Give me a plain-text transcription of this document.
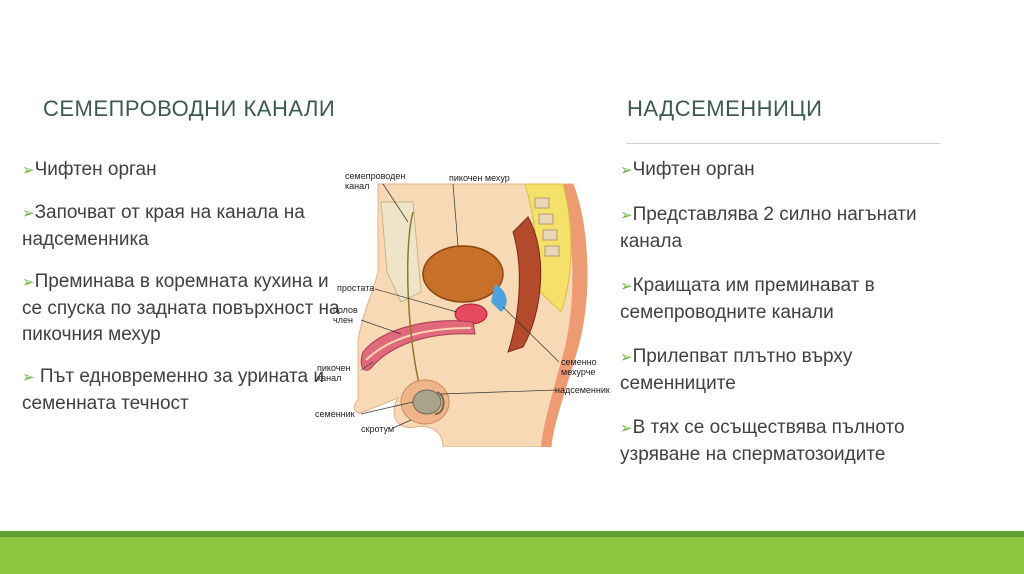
СЕМЕПРОВОДНИ КАНАЛИ	НАДСЕМЕННИЦИ
➢Чифтен орган
➢Започват от края на канала на надсеменника
➢Преминава в коремната кухина и се спуска по задната повърхност на пикочния мехур
➢ Път едновременно за урината и семенната течност
➢Чифтен орган
➢Представлява 2 силно нагънати канала
➢Краищата им преминават в семепроводните канали
➢Прилепват плътно върху семенниците
➢В тях се осъществява пълното узряване на сперматозоидите
семепроводен
канал
пикочен мехур
простата
полов
член
пикочен
канал
семенник
скротум
семенно
мехурче
надсеменник
